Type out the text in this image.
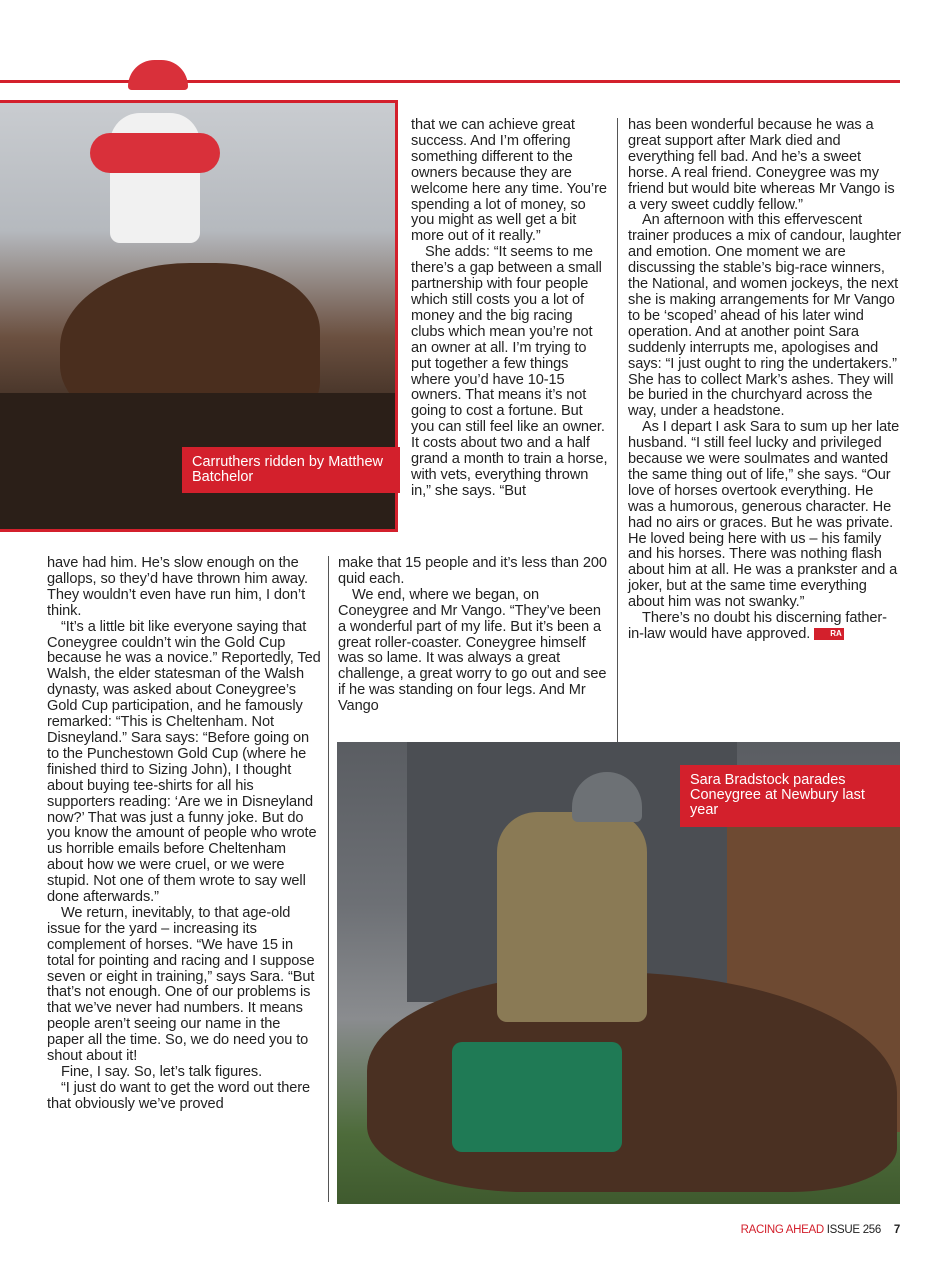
Carruthers ridden by Matthew Batchelor

that we can achieve great success. And I’m offering something different to the owners because they are welcome here any time. You’re spending a lot of money, so you might as well get a bit more out of it really.”

She adds: “It seems to me there’s a gap between a small partnership with four people which still costs you a lot of money and the big racing clubs which mean you’re not an owner at all. I’m trying to put together a few things where you’d have 10-15 owners. That means it’s not going to cost a fortune. But you can still feel like an owner. It costs about two and a half grand a month to train a horse, with vets, everything thrown in,” she says. “But

have had him. He’s slow enough on the gallops, so they’d have thrown him away. They wouldn’t even have run him, I don’t think.

“It’s a little bit like everyone saying that Coneygree couldn’t win the Gold Cup because he was a novice.” Reportedly, Ted Walsh, the elder statesman of the Walsh dynasty, was asked about Coneygree’s Gold Cup participation, and he famously remarked: “This is Cheltenham. Not Disneyland.” Sara says: “Before going on to the Punchestown Gold Cup (where he finished third to Sizing John), I thought about buying tee-shirts for all his supporters reading: ‘Are we in Disneyland now?’ That was just a funny joke. But do you know the amount of people who wrote us horrible emails before Cheltenham about how we were cruel, or we were stupid. Not one of them wrote to say well done afterwards.”

We return, inevitably, to that age-old issue for the yard – increasing its complement of horses. “We have 15 in total for pointing and racing and I suppose seven or eight in training,” says Sara. “But that’s not enough. One of our problems is that we’ve never had numbers. It means people aren’t seeing our name in the paper all the time. So, we do need you to shout about it!

Fine, I say. So, let’s talk figures.

“I just do want to get the word out there that obviously we’ve proved

make that 15 people and it’s less than 200 quid each.

We end, where we began, on Coneygree and Mr Vango. “They’ve been a wonderful part of my life. But it’s been a great roller-coaster. Coneygree himself was so lame. It was always a great challenge, a great worry to go out and see if he was standing on four legs. And Mr Vango

has been wonderful because he was a great support after Mark died and everything fell bad. And he’s a sweet horse. A real friend. Coneygree was my friend but would bite whereas Mr Vango is a very sweet cuddly fellow.”

An afternoon with this effervescent trainer produces a mix of candour, laughter and emotion. One moment we are discussing the stable’s big-race winners, the National, and women jockeys, the next she is making arrangements for Mr Vango to be ‘scoped’ ahead of his later wind operation. And at another point Sara suddenly interrupts me, apologises and says: “I just ought to ring the undertakers.” She has to collect Mark’s ashes. They will be buried in the churchyard across the way, under a headstone.

As I depart I ask Sara to sum up her late husband. “I still feel lucky and privileged because we were soulmates and wanted the same thing out of life,” she says. “Our love of horses overtook everything. He was a humorous, generous character. He had no airs or graces. But he was private. He loved being here with us – his family and his horses. There was nothing flash about him at all. He was a prankster and a joker, but at the same time everything about him was not swanky.”

There’s no doubt his discerning father-in-law would have approved.	RA

Sara Bradstock parades Coneygree at Newbury last year
RACING AHEAD ISSUE 256 7
